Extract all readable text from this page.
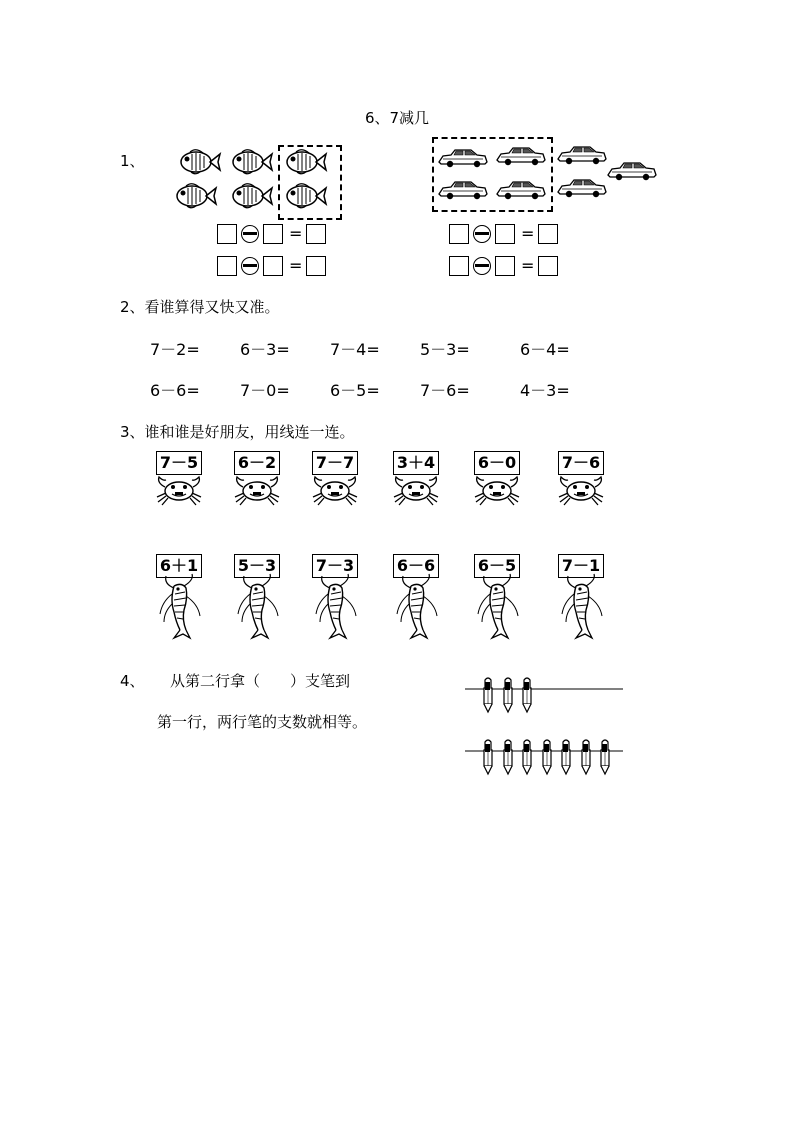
6、7减几
1、
=
=
=
=
2、看谁算得又快又准。
7－2=	6－3=	7－4=	5－3=	6－4=
6－6=	7－0=	6－5=	7－6=	4－3=
3、谁和谁是好朋友，用线连一连。
7－5 6－2 7－7	3＋4	6－0	7－6
6＋1 5－3 7－3	6－6	6－5	7－1
4、 从第二行拿（　　）支笔到
第一行，两行笔的支数就相等。
